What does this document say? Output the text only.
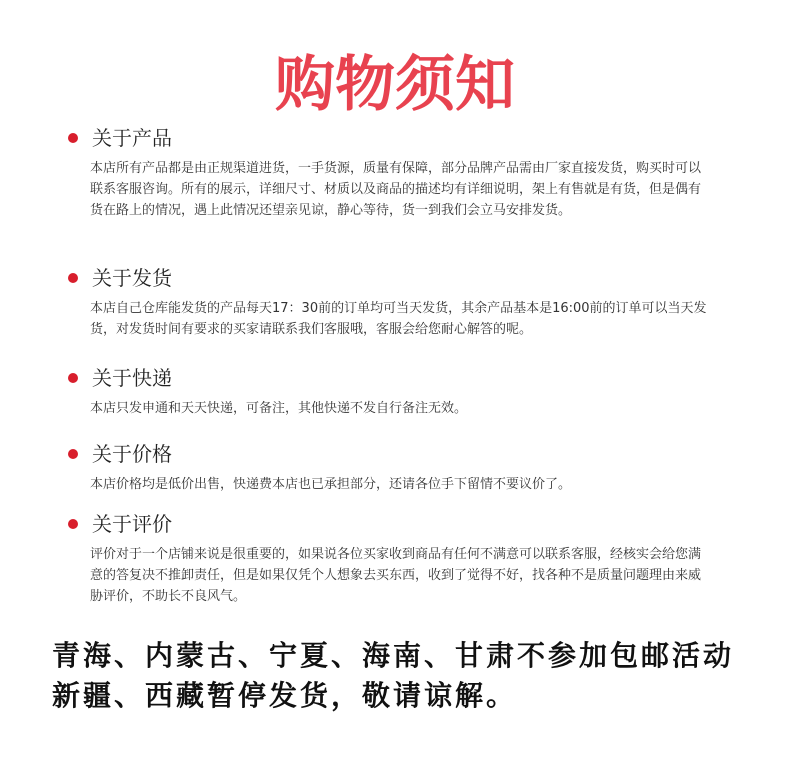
购物须知
关于产品
本店所有产品都是由正规渠道进货，一手货源，质量有保障，部分品牌产品需由厂家直接发货，购买时可以联系客服咨询。所有的展示，详细尺寸、材质以及商品的描述均有详细说明，架上有售就是有货，但是偶有货在路上的情况，遇上此情况还望亲见谅，静心等待，货一到我们会立马安排发货。
关于发货
本店自己仓库能发货的产品每天17：30前的订单均可当天发货，其余产品基本是16:00前的订单可以当天发货，对发货时间有要求的买家请联系我们客服哦，客服会给您耐心解答的呢。
关于快递
本店只发申通和天天快递，可备注，其他快递不发自行备注无效。
关于价格
本店价格均是低价出售，快递费本店也已承担部分，还请各位手下留情不要议价了。
关于评价
评价对于一个店铺来说是很重要的，如果说各位买家收到商品有任何不满意可以联系客服，经核实会给您满意的答复决不推卸责任，但是如果仅凭个人想象去买东西，收到了觉得不好，找各种不是质量问题理由来威胁评价，不助长不良风气。
青海、内蒙古、宁夏、海南、甘肃不参加包邮活动
新疆、西藏暂停发货，敬请谅解。
